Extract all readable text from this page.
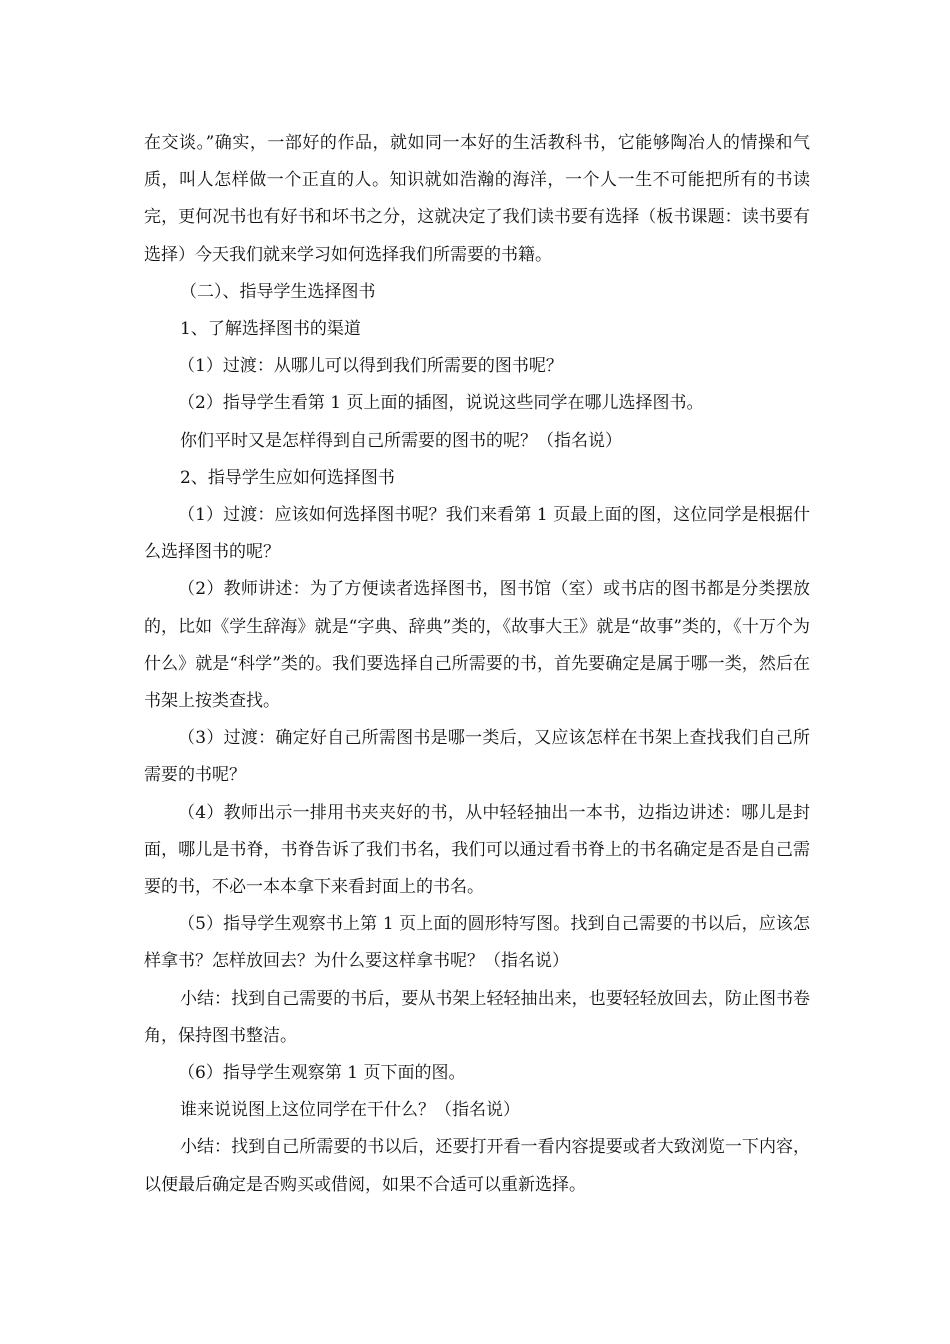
在交谈。”确实，一部好的作品，就如同一本好的生活教科书，它能够陶冶人的情操和气质，叫人怎样做一个正直的人。知识就如浩瀚的海洋，一个人一生不可能把所有的书读完，更何况书也有好书和坏书之分，这就决定了我们读书要有选择（板书课题：读书要有选择）今天我们就来学习如何选择我们所需要的书籍。

（二）、指导学生选择图书

1、了解选择图书的渠道

（1）过渡：从哪儿可以得到我们所需要的图书呢？

（2）指导学生看第 1 页上面的插图，说说这些同学在哪儿选择图书。

你们平时又是怎样得到自己所需要的图书的呢？（指名说）

2、指导学生应如何选择图书

（1）过渡：应该如何选择图书呢？我们来看第 1 页最上面的图，这位同学是根据什么选择图书的呢？

（2）教师讲述：为了方便读者选择图书，图书馆（室）或书店的图书都是分类摆放的，比如《学生辞海》就是“字典、辞典”类的，《故事大王》就是“故事”类的，《十万个为什么》就是“科学”类的。我们要选择自己所需要的书，首先要确定是属于哪一类，然后在书架上按类查找。

（3）过渡：确定好自己所需图书是哪一类后，又应该怎样在书架上查找我们自己所需要的书呢？

（4）教师出示一排用书夹夹好的书，从中轻轻抽出一本书，边指边讲述：哪儿是封面，哪儿是书脊，书脊告诉了我们书名，我们可以通过看书脊上的书名确定是否是自己需要的书，不必一本本拿下来看封面上的书名。

（5）指导学生观察书上第 1 页上面的圆形特写图。找到自己需要的书以后，应该怎样拿书？怎样放回去？为什么要这样拿书呢？（指名说）

小结：找到自己需要的书后，要从书架上轻轻抽出来，也要轻轻放回去，防止图书卷角，保持图书整洁。

（6）指导学生观察第 1 页下面的图。

谁来说说图上这位同学在干什么？（指名说）

小结：找到自己所需要的书以后，还要打开看一看内容提要或者大致浏览一下内容，以便最后确定是否购买或借阅，如果不合适可以重新选择。
